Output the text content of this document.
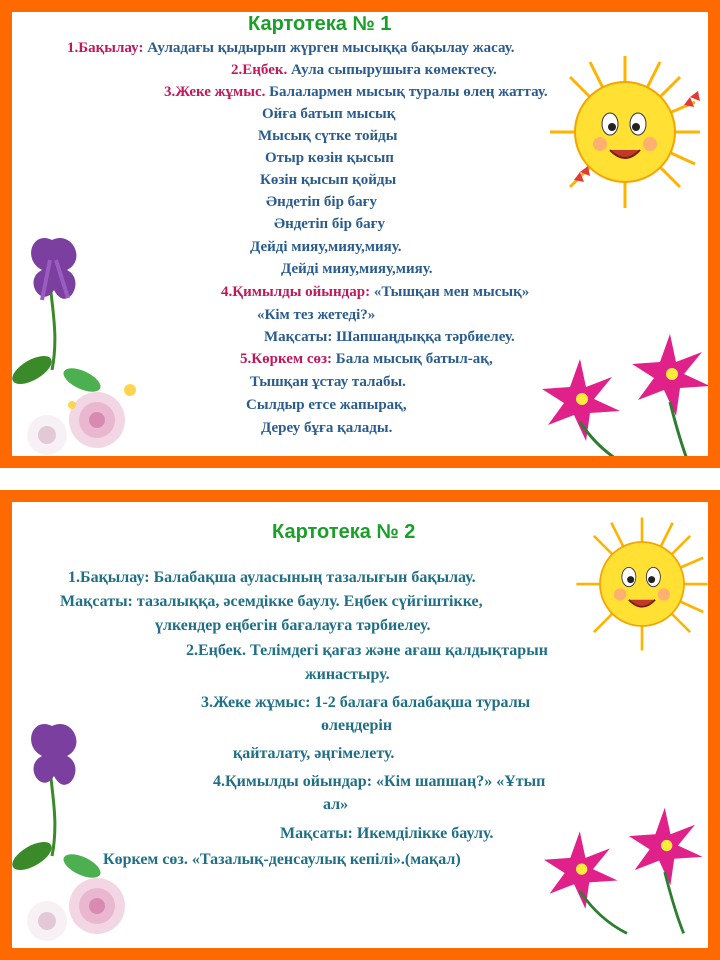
Картотека № 1
1.Бақылау: Ауладағы қыдырып жүрген мысыққа бақылау жасау.
2.Еңбек. Аула сыпырушыға көмектесу.
3.Жеке жұмыс. Балалармен мысық туралы өлең жаттау.
Ойға батып мысық
Мысық сүтке тойды
Отыр көзін қысып
Көзін қысып қойды
Әндетіп бір бағу
Әндетіп бір бағу
Дейді мияу,мияу,мияу.
Дейді мияу,мияу,мияу.
4.Қимылды ойындар: «Тышқан мен мысық»
«Кім тез жетеді?»
Мақсаты: Шапшаңдыққа тәрбиелеу.
5.Көркем сөз: Бала мысық батыл-ақ,
Тышқан ұстау талабы.
Сылдыр етсе жапырақ,
Дереу бұға қалады.
Картотека № 2
1.Бақылау: Балабақша ауласының тазалығын бақылау.
Мақсаты: тазалыққа, әсемдікке баулу. Еңбек сүйгіштікке,
үлкендер еңбегін бағалауға тәрбиелеу.
2.Еңбек. Телімдегі қағаз және ағаш қалдықтарын
жинастыру.
3.Жеке жұмыс: 1-2 балаға балабақша туралы
өлеңдерін
қайталату, әңгімелету.
4.Қимылды ойындар: «Кім шапшаң?» «Ұтып
ал»
Мақсаты: Икемділікке баулу.
Көркем сөз. «Тазалық-денсаулық кепілі».(мақал)
